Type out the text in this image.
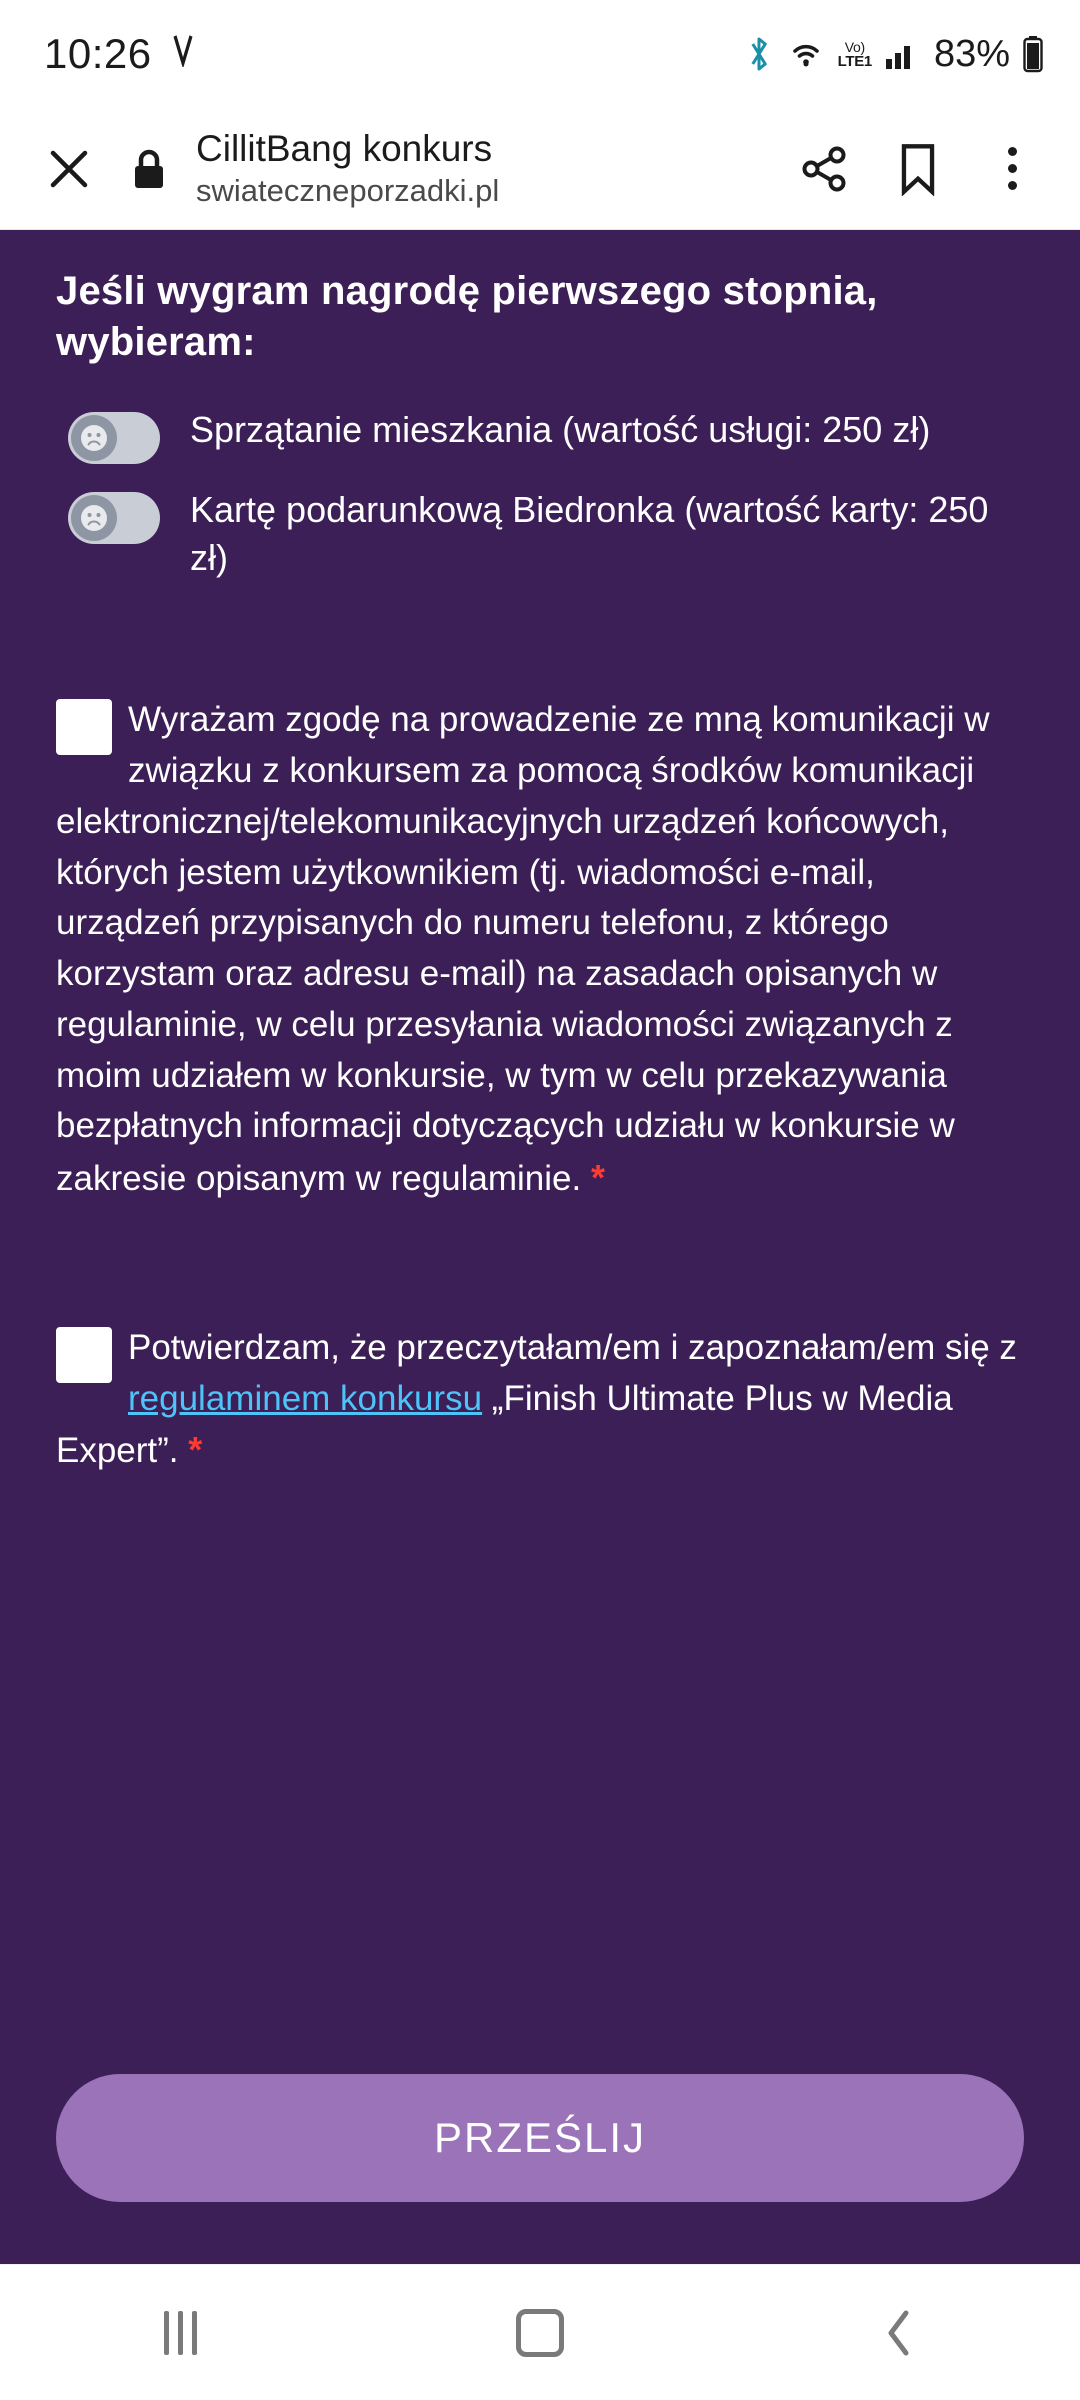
10:26	Vo)
LTE1 83%
CillitBang konkurs
swiateczneporzadki.pl
Jeśli wygram nagrodę pierwszego stopnia, wybieram:
Sprzątanie mieszkania (wartość usługi: 250 zł)
Kartę podarunkową Biedronka (wartość karty: 250 zł)
Wyrażam zgodę na prowadzenie ze mną komunikacji w związku z konkursem za pomocą środków komunikacji elektronicznej/telekomunikacyjnych urządzeń końcowych, których jestem użytkownikiem (tj. wiadomości e-mail, urządzeń przypisanych do numeru telefonu, z którego korzystam oraz adresu e-mail) na zasadach opisanych w regulaminie, w celu przesyłania wiadomości związanych z moim udziałem w konkursie, w tym w celu przekazywania bezpłatnych informacji dotyczących udziału w konkursie w zakresie opisanym w regulaminie. *
Potwierdzam, że przeczytałam/em i zapoznałam/em się z regulaminem konkursu „Finish Ultimate Plus w Media Expert”. *
PRZEŚLIJ
